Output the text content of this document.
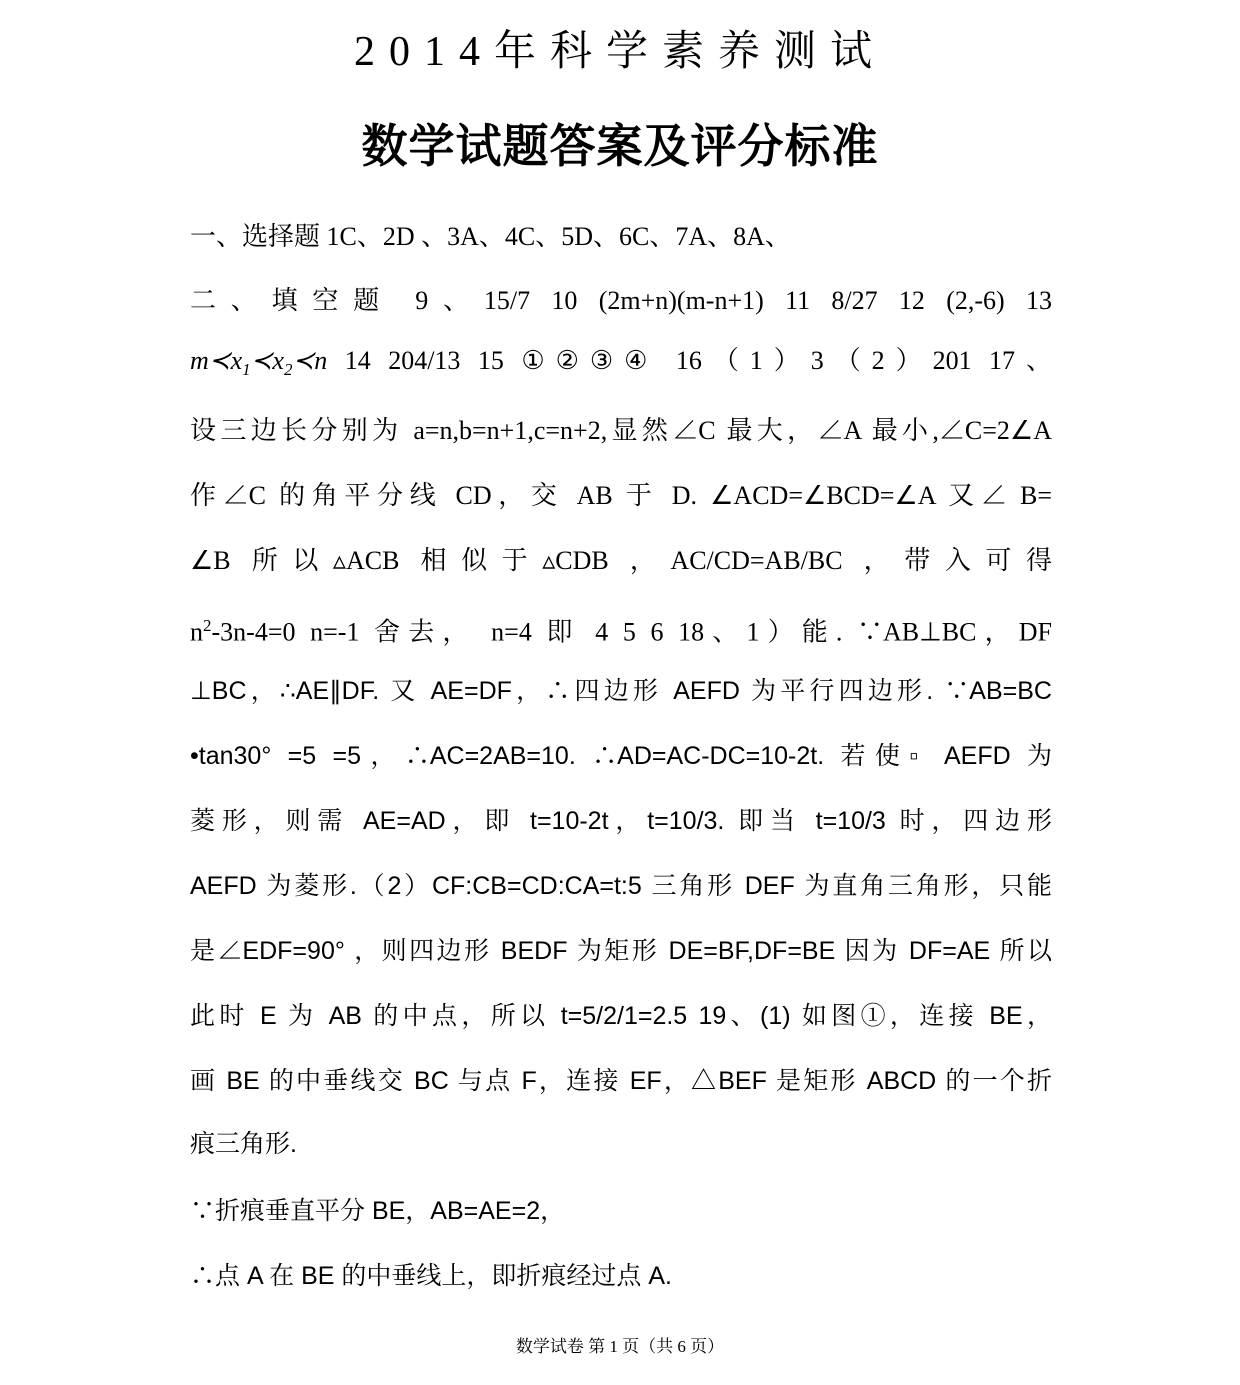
2014年科学素养测试
数学试题答案及评分标准
一、选择题 1C、2D 、3A、4C、5D、6C、7A、8A、
二、填空题 9、15/7 10 (2m+n)(m-n+1) 11 8/27 12 (2,-6) 13
$m≺x_1≺x_2≺n$ 14 204/13 15 ①②③④ 16（1）3（2）201 17、
设三边长分别为 a=n,b=n+1,c=n+2,显然∠C 最大，∠A 最小,∠C=2∠A
作∠C 的角平分线 CD，交 AB 于 D. ∠ACD=∠BCD=∠A 又∠ B=
∠B 所以▵ACB 相似于▵CDB ，AC/CD=AB/BC ，带入可得
$n^2-3n-4=0$ n=-1 舍去， n=4 即 4 5 6 18、1）能. ∵AB⊥BC，DF
⊥BC，∴AE∥DF. 又 AE=DF，∴四边形 AEFD 为平行四边形. ∵AB=BC
•tan30° =5 =5，∴AC=2AB=10. ∴AD=AC-DC=10-2t. 若使▫ AEFD 为
菱形，则需 AE=AD，即 t=10-2t，t=10/3. 即当 t=10/3 时，四边形
AEFD 为菱形.（2）CF:CB=CD:CA=t:5 三角形 DEF 为直角三角形，只能
是∠EDF=90° ，则四边形 BEDF 为矩形 DE=BF,DF=BE 因为 DF=AE 所以
此时 E 为 AB 的中点，所以 t=5/2/1=2.5 19、(1) 如图①，连接 BE，
画 BE 的中垂线交 BC 与点 F，连接 EF，△BEF 是矩形 ABCD 的一个折
痕三角形.
∵折痕垂直平分 BE，AB=AE=2，
∴点 A 在 BE 的中垂线上，即折痕经过点 A.
数学试卷 第 1 页（共 6 页）
